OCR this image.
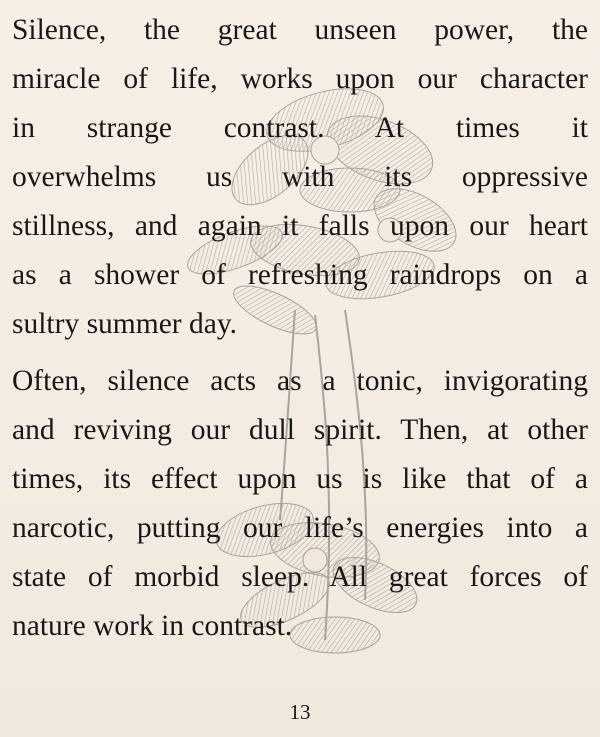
Silence, the great unseen power, the
miracle of life, works upon our character
in strange contrast. At times it
overwhelms us with its oppressive
stillness, and again it falls upon our heart
as a shower of refreshing raindrops on a
sultry summer day.
Often, silence acts as a tonic, invigorating
and reviving our dull spirit. Then, at other
times, its effect upon us is like that of a
narcotic, putting our life’s energies into a
state of morbid sleep. All great forces of
nature work in contrast.
13
